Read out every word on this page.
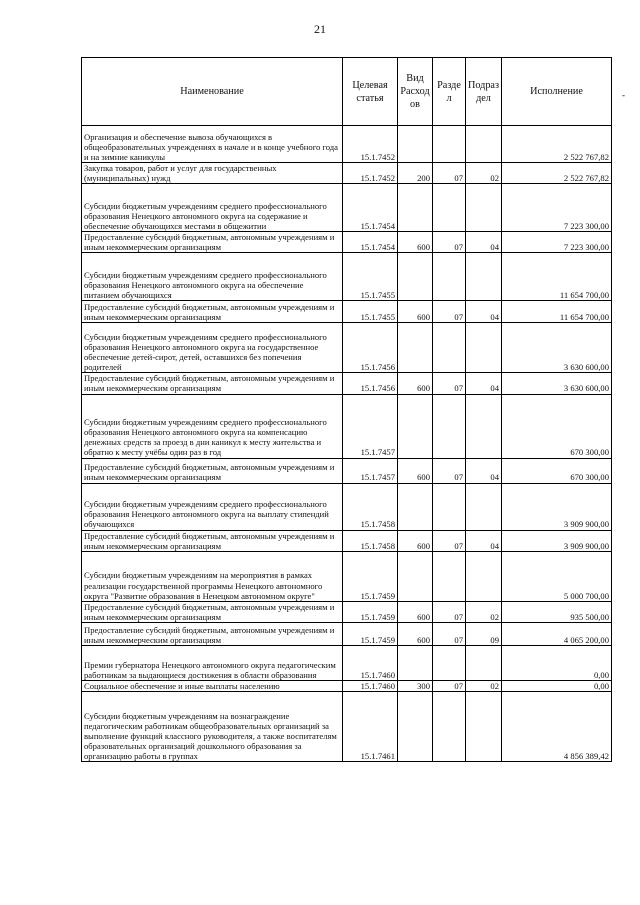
21
-
Наименование	Целевая статья	Вид Расход ов	Разде л	Подраз дел	Исполнение
Организация и обеспечение вывоза обучающихся в общеобразовательных учреждениях в начале и в конце учебного года и на зимние каникулы	15.1.7452				2 522 767,82
Закупка товаров, работ и услуг для государственных (муниципальных) нужд	15.1.7452	200	07	02	2 522 767,82
Субсидии бюджетным учреждениям среднего профессионального образования Ненецкого автономного округа на содержание и обеспечение обучающихся местами в общежитии	15.1.7454				7 223 300,00
Предоставление субсидий бюджетным, автономным учреждениям и иным некоммерческим организациям	15.1.7454	600	07	04	7 223 300,00
Субсидии бюджетным учреждениям среднего профессионального образования Ненецкого автономного округа на обеспечение питанием обучающихся	15.1.7455				11 654 700,00
Предоставление субсидий бюджетным, автономным учреждениям и иным некоммерческим организациям	15.1.7455	600	07	04	11 654 700,00
Субсидии бюджетным учреждениям среднего профессионального образования Ненецкого автономного округа на государственное обеспечение детей-сирот, детей, оставшихся без попечения родителей	15.1.7456				3 630 600,00
Предоставление субсидий бюджетным, автономным учреждениям и иным некоммерческим организациям	15.1.7456	600	07	04	3 630 600,00
Субсидии бюджетным учреждениям среднего профессионального образования Ненецкого автономного округа на компенсацию денежных средств за проезд в дни каникул к месту жительства и обратно к месту учёбы один раз в год	15.1.7457				670 300,00
Предоставление субсидий бюджетным, автономным учреждениям и иным некоммерческим организациям	15.1.7457	600	07	04	670 300,00
Субсидии бюджетным учреждениям среднего профессионального образования Ненецкого автономного округа на выплату стипендий обучающихся	15.1.7458				3 909 900,00
Предоставление субсидий бюджетным, автономным учреждениям и иным некоммерческим организациям	15.1.7458	600	07	04	3 909 900,00
Субсидии бюджетным учреждениям на мероприятия в рамках реализации государственной программы Ненецкого автономного округа "Развитие образования в Ненецком автономном округе"	15.1.7459				5 000 700,00
Предоставление субсидий бюджетным, автономным учреждениям и иным некоммерческим организациям	15.1.7459	600	07	02	935 500,00
Предоставление субсидий бюджетным, автономным учреждениям и иным некоммерческим организациям	15.1.7459	600	07	09	4 065 200,00
Премии губернатора Ненецкого автономного округа педагогическим работникам за выдающиеся достижения в области образования	15.1.7460				0,00
Социальное обеспечение и иные выплаты населению	15.1.7460	300	07	02	0,00
Субсидии бюджетным учреждениям на вознаграждение педагогическим работникам общеобразовательных организаций за выполнение функций классного руководителя, а также воспитателям образовательных организаций дошкольного образования за организацию работы в группах	15.1.7461				4 856 389,42
